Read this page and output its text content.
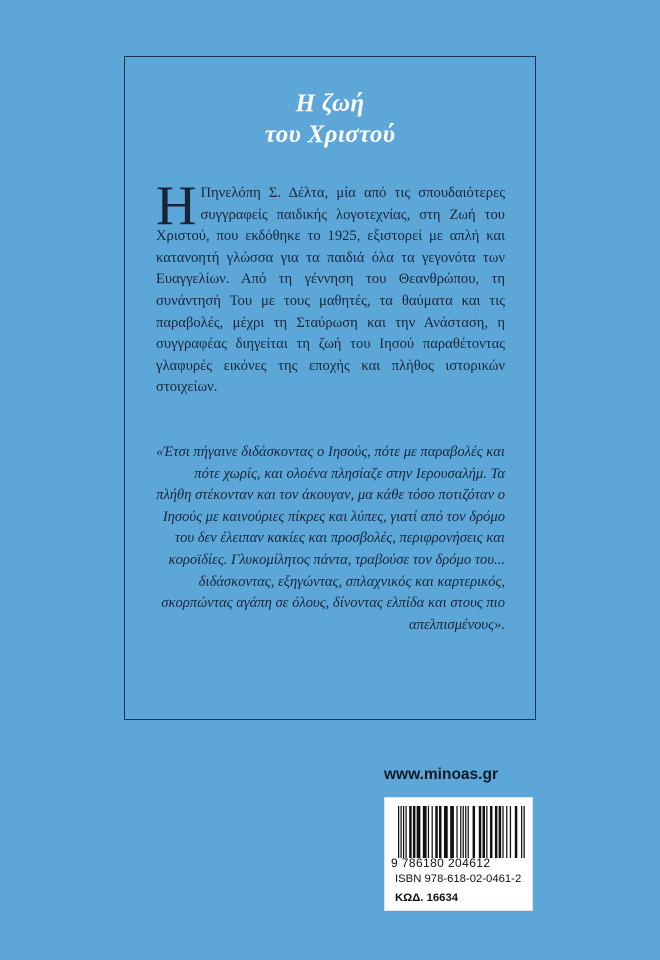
Η ζωή
του Χριστού

Η Πηνελόπη Σ. Δέλτα, μία από τις σπουδαιότερες συγγραφείς παιδικής λογοτεχνίας, στη Ζωή του Χριστού, που εκδόθηκε το 1925, εξιστορεί με απλή και κατανοητή γλώσσα για τα παιδιά όλα τα γεγονότα των Ευαγγελίων. Από τη γέννηση του Θεανθρώπου, τη συνάντησή Του με τους μαθητές, τα θαύματα και τις παραβολές, μέχρι τη Σταύρωση και την Ανάσταση, η συγγραφέας διηγείται τη ζωή του Ιησού παραθέτοντας γλαφυρές εικόνες της εποχής και πλήθος ιστορικών στοιχείων.

«Έτσι πήγαινε διδάσκοντας ο Ιησούς, πότε με παραβολές και πότε χωρίς, και ολοένα πλησίαζε στην Ιερουσαλήμ. Τα πλήθη στέκονταν και τον άκουγαν, μα κάθε τόσο ποτιζόταν ο Ιησούς με καινούριες πίκρες και λύπες, γιατί από τον δρόμο του δεν έλειπαν κακίες και προσβολές, περιφρονήσεις και κοροϊδίες. Γλυκομίλητος πάντα, τραβούσε τον δρόμο του... διδάσκοντας, εξηγώντας, σπλαχνικός και καρτερικός, σκορπώντας αγάπη σε όλους, δίνοντας ελπίδα και στους πιο απελπισμένους».

www.minoas.gr
9 786180 204612
ISBN 978-618-02-0461-2
ΚΩΔ. 16634
